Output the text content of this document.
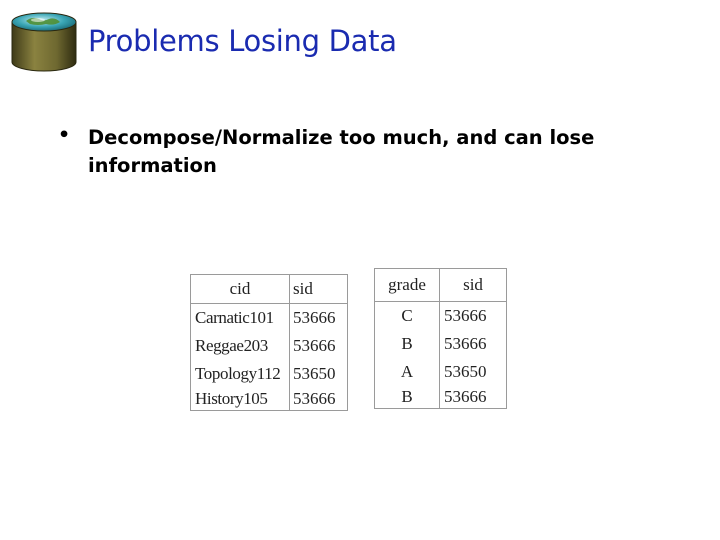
Problems Losing Data
• Decompose/Normalize too much, and can lose information
cid	sid
Carnatic101	53666
Reggae203	53666
Topology112	53650
History105	53666
grade	sid
C	53666
B	53666
A	53650
B	53666
